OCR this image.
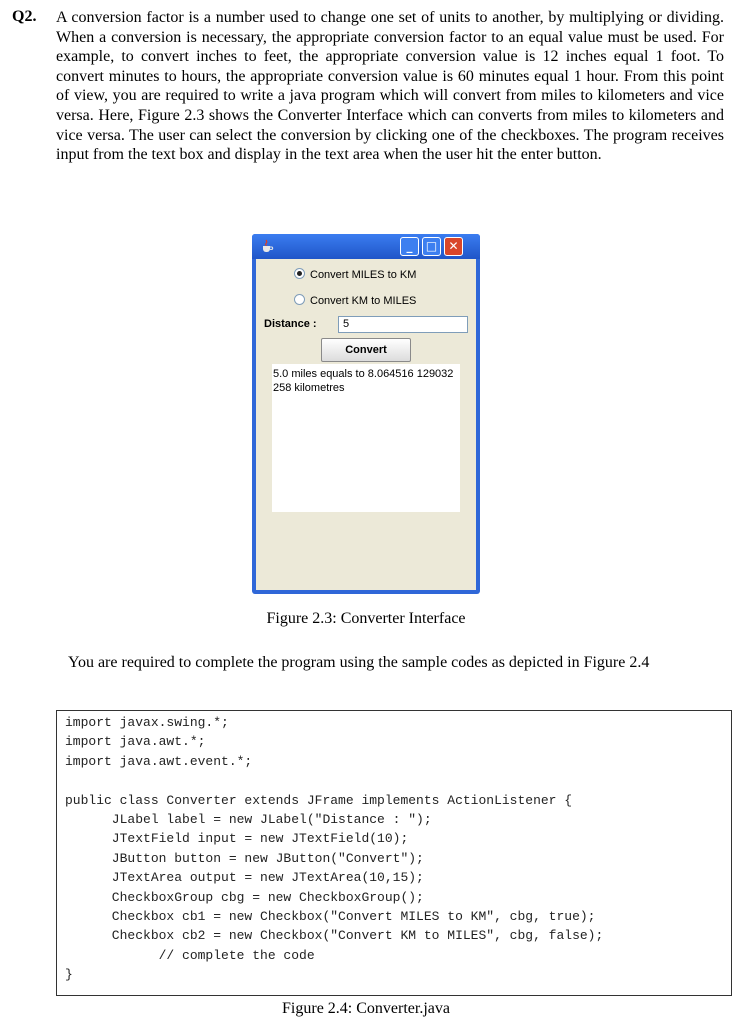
Q2. A conversion factor is a number used to change one set of units to another, by multiplying or dividing. When a conversion is necessary, the appropriate conversion factor to an equal value must be used. For example, to convert inches to feet, the appropriate conversion value is 12 inches equal 1 foot. To convert minutes to hours, the appropriate conversion value is 60 minutes equal 1 hour. From this point of view, you are required to write a java program which will convert from miles to kilometers and vice versa. Here, Figure 2.3 shows the Converter Interface which can converts from miles to kilometers and vice versa. The user can select the conversion by clicking one of the checkboxes. The program receives input from the text box and display in the text area when the user hit the enter button.
_	□ ✕
Convert MILES to KM
Convert KM to MILES
Distance :	5
Convert
5.0 miles equals to 8.064516 129032258 kilometres
Figure 2.3: Converter Interface
You are required to complete the program using the sample codes as depicted in Figure 2.4
import javax.swing.*;
import java.awt.*;
import java.awt.event.*;

public class Converter extends JFrame implements ActionListener {
JLabel label = new JLabel("Distance : ");
JTextField input = new JTextField(10);
JButton button = new JButton("Convert");
JTextArea output = new JTextArea(10,15);
CheckboxGroup cbg = new CheckboxGroup();
Checkbox cb1 = new Checkbox("Convert MILES to KM", cbg, true);
Checkbox cb2 = new Checkbox("Convert KM to MILES", cbg, false);
// complete the code
}
Figure 2.4: Converter.java
